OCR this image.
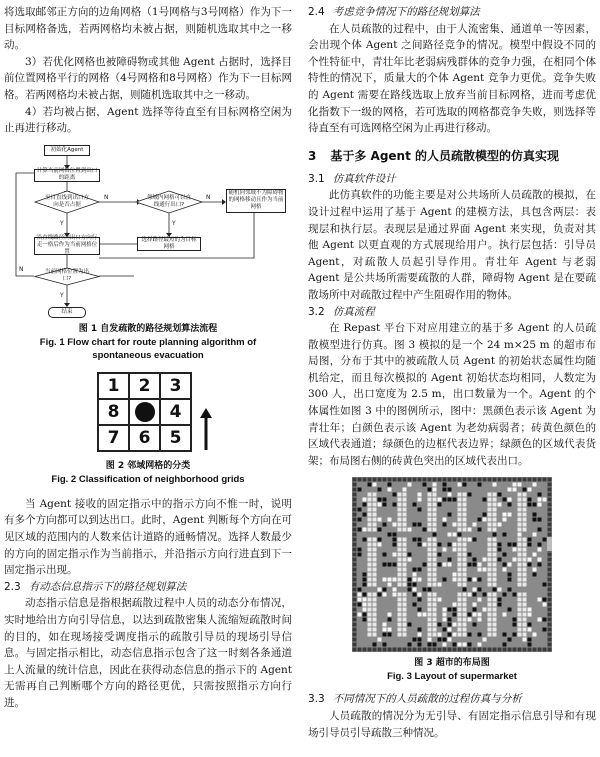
将选取邮邻正方向的边角网格（1号网格与3号网格）作为下一目标网格备选，若两网格均未被占据，则随机选取其中之一移动。

3）若优化网格也被障碍物或其他 Agent 占据时，选择目前位置网格平行的网格（4号网格和8号网格）作为下一目标网格。若两网格均未被占据，则随机选取其中之一移动。

4）若均被占据，Agent 选择等待直至有目标网格空闲为止再进行移动。

N	N
Y	Y
N
Y
初始化Agent
计算当前网格位置到出口的距离
至目直线到出口方向是否占据
邻域内网格可以直线通行出口?
随机向邻域不为障碍物的网格移动且作为当前网格
沿直线路径向出口方向行走一格后作为当前网格位置
选择路径最短的为目标网格
当前网格位置为出口?
结束
图 1 自发疏散的路径规划算法流程
Fig. 1 Flow chart for route planning algorithm of
spontaneous evacuation
1	2	3
8		4
7	6	5
图 2 邻域网格的分类
Fig. 2 Classification of neighborhood grids

当 Agent 接收的固定指示中的指示方向不惟一时，说明有多个方向都可以到达出口。此时，Agent 判断每个方向在可见区域的范围内的人数来估计道路的通畅情况。选择人数最少的方向的固定指示作为当前指示，并沿指示方向行进直到下一固定指示出现。

2.3 有动态信息指示下的路径规划算法

动态指示信息是指根据疏散过程中人员的动态分布情况，实时地给出方向引导信息，以达到疏散密集人流缩短疏散时间的目的，如在现场接受调度指示的疏散引导员的现场引导信息。与固定指示相比，动态信息指示包含了这一时刻各条通道上人流量的统计信息，因此在获得动态信息的指示下的 Agent 无需再自己判断哪个方向的路径更优，只需按照指示方向行进。

2.4 考虑竞争情况下的路径规划算法

在人员疏散的过程中，由于人流密集、通道单一等因素，会出现个体 Agent 之间路径竞争的情况。模型中假设不同的个性特征中，青壮年比老弱病残群体的竞争力强，在相同个体特性的情况下，质量大的个体 Agent 竞争力更优。竞争失败的 Agent 需要在路线选取上放弃当前目标网格，进而考虑优化指数下一级的网格，若可选取的网格都竞争失败，则选择等待直至有可选网格空闲为止再进行移动。

3 基于多 Agent 的人员疏散模型的仿真实现
3.1 仿真软件设计

此仿真软件的功能主要是对公共场所人员疏散的模拟，在设计过程中运用了基于 Agent 的建模方法，具包含两层：表现层和执行层。表现层是通过界面 Agent 来实现，负责对其他 Agent 以更直观的方式展现给用户。执行层包括：引导员 Agent，对疏散人员起引导作用。青壮年 Agent 与老弱 Agent 是公共场所需要疏散的人群，障碍物 Agent 是在要疏散场所中对疏散过程中产生阻碍作用的物体。

3.2 仿真流程

在 Repast 平台下对应用建立的基于多 Agent 的人员疏散模型进行仿真。图 3 模拟的是一个 24 m×25 m 的超市布局图，分布于其中的被疏散人员 Agent 的初始状态属性均随机给定，而且每次模拟的 Agent 初始状态均相同，人数定为 300 人，出口宽度为 2.5 m，出口数量为一个。Agent 的个体属性如图 3 中的图例所示，图中：黑颜色表示该 Agent 为青壮年；白颜色表示该 Agent 为老幼病弱者；砖黄色颜色的区域代表通道；绿颜色的边框代表边界；绿颜色的区域代表货架；布局图右侧的砖黄色突出的区域代表出口。

图 3 超市的布局图
Fig. 3 Layout of supermarket
3.3 不同情况下的人员疏散的过程仿真与分析

人员疏散的情况分为无引导、有固定指示信息引导和有现场引导员引导疏散三种情况。
